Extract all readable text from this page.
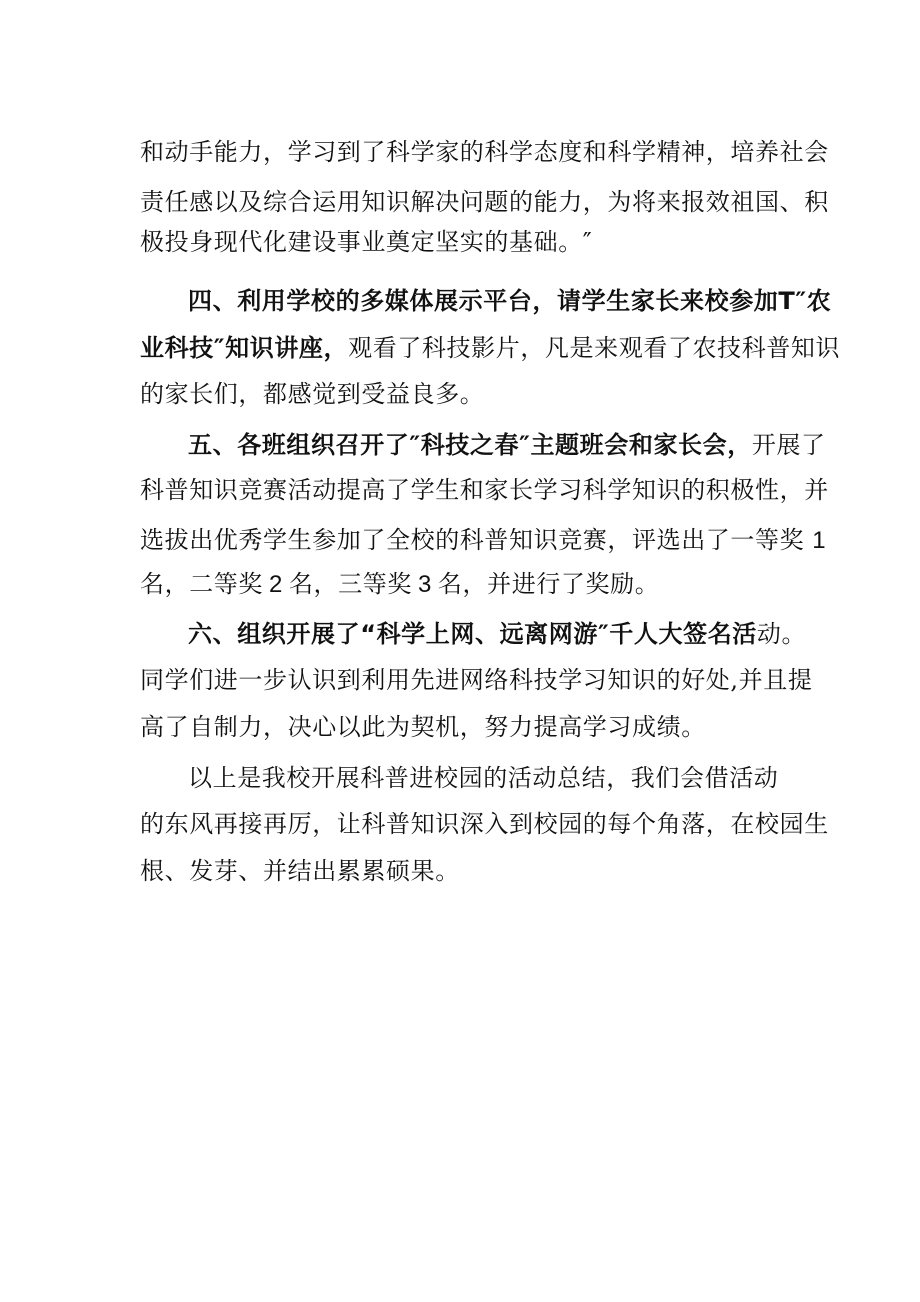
和动手能力，学习到了科学家的科学态度和科学精神，培养社会
责任感以及综合运用知识解决问题的能力，为将来报效祖国、积
极投身现代化建设事业奠定坚实的基础。″
四、利用学校的多媒体展示平台，请学生家长来校参加T″农
业科技″知识讲座，观看了科技影片，凡是来观看了农技科普知识
的家长们，都感觉到受益良多。
五、各班组织召开了″科技之春″主题班会和家长会，开展了
科普知识竞赛活动提高了学生和家长学习科学知识的积极性，并
选拔出优秀学生参加了全校的科普知识竞赛，评选出了一等奖 1
名，二等奖 2 名，三等奖 3 名，并进行了奖励。
六、组织开展了“科学上网、远离网游″千人大签名活动。
同学们进一步认识到利用先进网络科技学习知识的好处,并且提
高了自制力，决心以此为契机，努力提高学习成绩。
以上是我校开展科普进校园的活动总结，我们会借活动
的东风再接再厉，让科普知识深入到校园的每个角落，在校园生
根、发芽、并结出累累硕果。
